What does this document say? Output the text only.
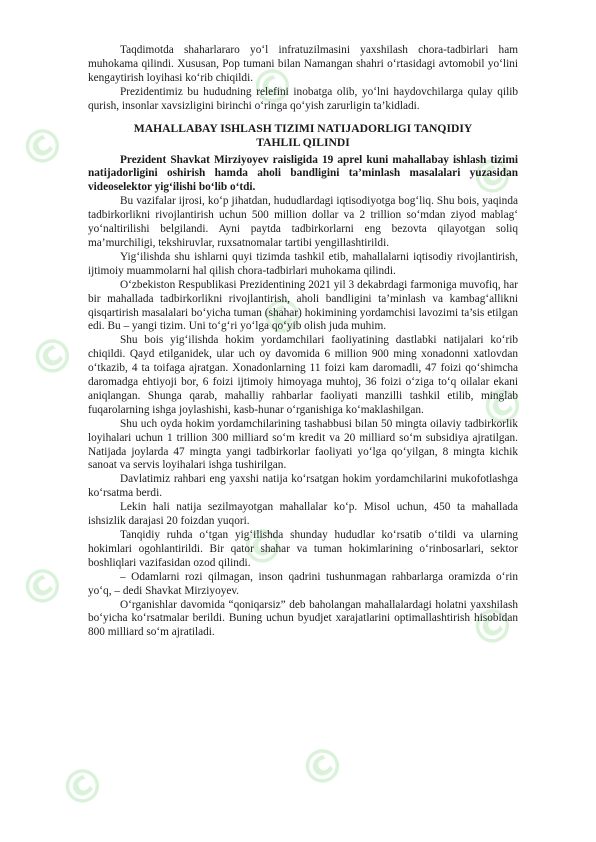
©
©
©
©
©
©
©
©
©
©	©

Taqdimotda shaharlararo yo‘l infratuzilmasini yaxshilash chora-tadbirlari ham muhokama qilindi. Xususan, Pop tumani bilan Namangan shahri o‘rtasidagi avtomobil yo‘lini kengaytirish loyihasi ko‘rib chiqildi.

Prezidentimiz bu hududning relefini inobatga olib, yo‘lni haydovchilarga qulay qilib qurish, insonlar xavsizligini birinchi o‘ringa qo‘yish zarurligin ta’kidladi.

MAHALLABAY ISHLASH TIZIMI NATIJADORLIGI TANQIDIY
TAHLIL QILINDI

Prezident Shavkat Mirziyoyev raisligida 19 aprel kuni mahallabay ishlash tizimi natijadorligini oshirish hamda aholi bandligini ta’minlash masalalari yuzasidan videoselektor yig‘ilishi bo‘lib o‘tdi.

Bu vazifalar ijrosi, ko‘p jihatdan, hududlardagi iqtisodiyotga bog‘liq. Shu bois, yaqinda tadbirkorlikni rivojlantirish uchun 500 million dollar va 2 trillion so‘mdan ziyod mablag‘ yo‘naltirilishi belgilandi. Ayni paytda tadbirkorlarni eng bezovta qilayotgan soliq ma’murchiligi, tekshiruvlar, ruxsatnomalar tartibi yengillashtirildi.

Yig‘ilishda shu ishlarni quyi tizimda tashkil etib, mahallalarni iqtisodiy rivojlantirish, ijtimoiy muammolarni hal qilish chora-tadbirlari muhokama qilindi.

O‘zbekiston Respublikasi Prezidentining 2021 yil 3 dekabrdagi farmoniga muvofiq, har bir mahallada tadbirkorlikni rivojlantirish, aholi bandligini ta’minlash va kambag‘allikni qisqartirish masalalari bo‘yicha tuman (shahar) hokimining yordamchisi lavozimi ta’sis etilgan edi. Bu – yangi tizim. Uni to‘g‘ri yo‘lga qo‘yib olish juda muhim.

Shu bois yig‘ilishda hokim yordamchilari faoliyatining dastlabki natijalari ko‘rib chiqildi. Qayd etilganidek, ular uch oy davomida 6 million 900 ming xonadonni xatlovdan o‘tkazib, 4 ta toifaga ajratgan. Xonadonlarning 11 foizi kam daromadli, 47 foizi qo‘shimcha daromadga ehtiyoji bor, 6 foizi ijtimoiy himoyaga muhtoj, 36 foizi o‘ziga to‘q oilalar ekani aniqlangan. Shunga qarab, mahalliy rahbarlar faoliyati manzilli tashkil etilib, minglab fuqarolarning ishga joylashishi, kasb-hunar o‘rganishiga ko‘maklashilgan.

Shu uch oyda hokim yordamchilarining tashabbusi bilan 50 mingta oilaviy tadbirkorlik loyihalari uchun 1 trillion 300 milliard so‘m kredit va 20 milliard so‘m subsidiya ajratilgan. Natijada joylarda 47 mingta yangi tadbirkorlar faoliyati yo‘lga qo‘yilgan, 8 mingta kichik sanoat va servis loyihalari ishga tushirilgan.

Davlatimiz rahbari eng yaxshi natija ko‘rsatgan hokim yordamchilarini mukofotlashga ko‘rsatma berdi.

Lekin hali natija sezilmayotgan mahallalar ko‘p. Misol uchun, 450 ta mahallada ishsizlik darajasi 20 foizdan yuqori.

Tanqidiy ruhda o‘tgan yig‘ilishda shunday hududlar ko‘rsatib o‘tildi va ularning hokimlari ogohlantirildi. Bir qator shahar va tuman hokimlarining o‘rinbosarlari, sektor boshliqlari vazifasidan ozod qilindi.

– Odamlarni rozi qilmagan, inson qadrini tushunmagan rahbarlarga oramizda o‘rin yo‘q, – dedi Shavkat Mirziyoyev.

O‘rganishlar davomida “qoniqarsiz” deb baholangan mahallalardagi holatni yaxshilash bo‘yicha ko‘rsatmalar berildi. Buning uchun byudjet xarajatlarini optimallashtirish hisobidan 800 milliard so‘m ajratiladi.
